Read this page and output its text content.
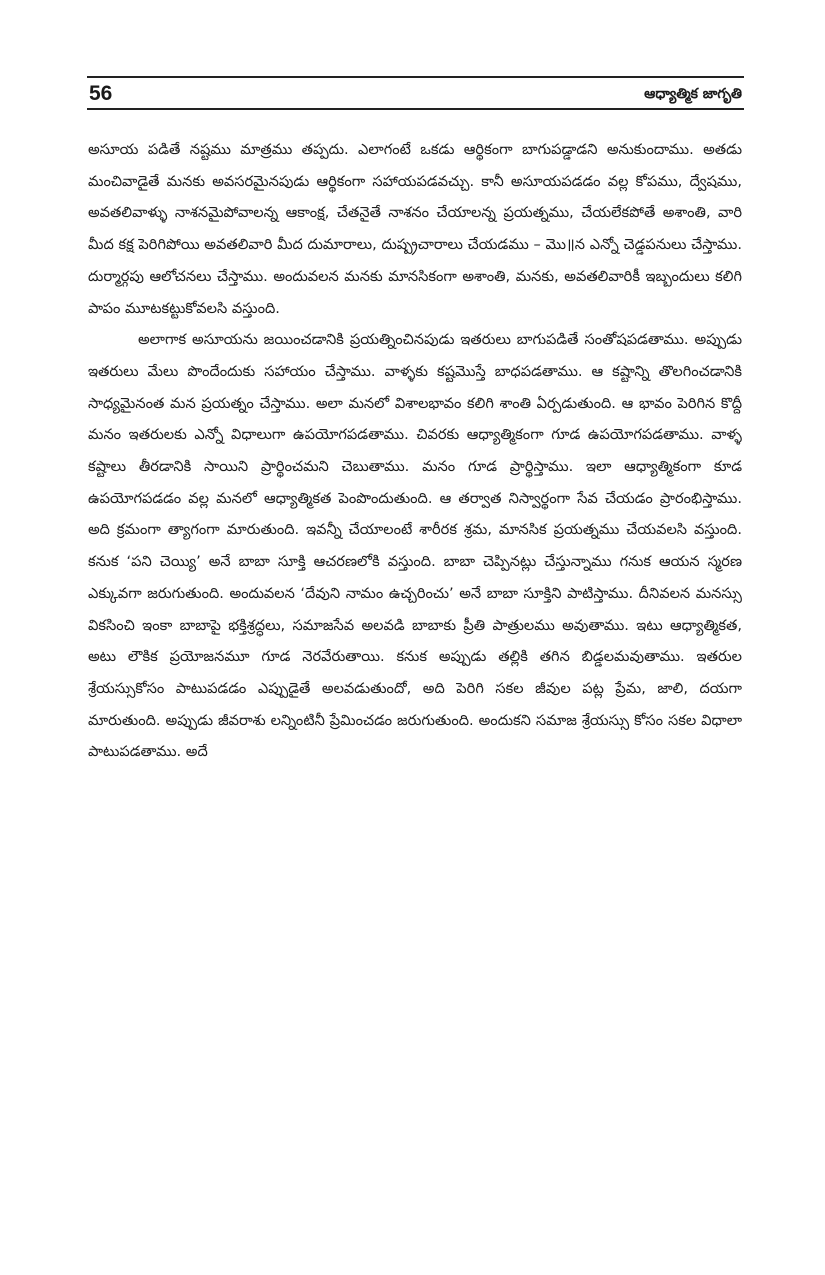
56	ఆధ్యాత్మిక జాగృతి

అసూయ పడితే నష్టము మాత్రము తప్పదు. ఎలాగంటే ఒకడు ఆర్థికంగా బాగుపడ్డాడని అనుకుందాము. అతడు మంచివాడైతే మనకు అవసరమైనపుడు ఆర్థికంగా సహాయపడవచ్చు. కానీ అసూయపడడం వల్ల కోపము, ద్వేషము, అవతలివాళ్ళు నాశనమైపోవాలన్న ఆకాంక్ష, చేతనైతే నాశనం చేయాలన్న ప్రయత్నము, చేయలేకపోతే అశాంతి, వారి మీద కక్ష పెరిగిపోయి అవతలివారి మీద దుమారాలు, దుష్ప్రచారాలు చేయడము – మొ॥న ఎన్నో చెడ్డపనులు చేస్తాము. దుర్మార్గపు ఆలోచనలు చేస్తాము. అందువలన మనకు మానసికంగా అశాంతి, మనకు, అవతలివారికీ ఇబ్బందులు కలిగి పాపం మూటకట్టుకోవలసి వస్తుంది.

అలాగాక అసూయను జయించడానికి ప్రయత్నించినపుడు ఇతరులు బాగుపడితే సంతోషపడతాము. అప్పుడు ఇతరులు మేలు పొందేందుకు సహాయం చేస్తాము. వాళ్ళకు కష్టమొస్తే బాధపడతాము. ఆ కష్టాన్ని తొలగించడానికి సాధ్యమైనంత మన ప్రయత్నం చేస్తాము. అలా మనలో విశాలభావం కలిగి శాంతి ఏర్పడుతుంది. ఆ భావం పెరిగిన కొద్దీ మనం ఇతరులకు ఎన్నో విధాలుగా ఉపయోగపడతాము. చివరకు ఆధ్యాత్మికంగా గూడ ఉపయోగపడతాము. వాళ్ళ కష్టాలు తీరడానికి సాయిని ప్రార్థించమని చెబుతాము. మనం గూడ ప్రార్థిస్తాము. ఇలా ఆధ్యాత్మికంగా కూడ ఉపయోగపడడం వల్ల మనలో ఆధ్యాత్మికత పెంపొందుతుంది. ఆ తర్వాత నిస్వార్థంగా సేవ చేయడం ప్రారంభిస్తాము. అది క్రమంగా త్యాగంగా మారుతుంది. ఇవన్నీ చేయాలంటే శారీరక శ్రమ, మానసిక ప్రయత్నము చేయవలసి వస్తుంది. కనుక ‘పని చెయ్యి’ అనే బాబా సూక్తి ఆచరణలోకి వస్తుంది. బాబా చెప్పినట్లు చేస్తున్నాము గనుక ఆయన స్మరణ ఎక్కువగా జరుగుతుంది. అందువలన ‘దేవుని నామం ఉచ్చరించు’ అనే బాబా సూక్తిని పాటిస్తాము. దీనివలన మనస్సు వికసించి ఇంకా బాబాపై భక్తిశ్రద్ధలు, సమాజసేవ అలవడి బాబాకు ప్రీతి పాత్రులము అవుతాము. ఇటు ఆధ్యాత్మికత, అటు లౌకిక ప్రయోజనమూ గూడ నెరవేరుతాయి. కనుక అప్పుడు తల్లికి తగిన బిడ్డలమవుతాము. ఇతరుల శ్రేయస్సుకోసం పాటుపడడం ఎప్పుడైతే అలవడుతుందో, అది పెరిగి సకల జీవుల పట్ల ప్రేమ, జాలి, దయగా మారుతుంది. అప్పుడు జీవరాశు లన్నింటినీ ప్రేమించడం జరుగుతుంది. అందుకని సమాజ శ్రేయస్సు కోసం సకల విధాలా పాటుపడతాము. అదే
